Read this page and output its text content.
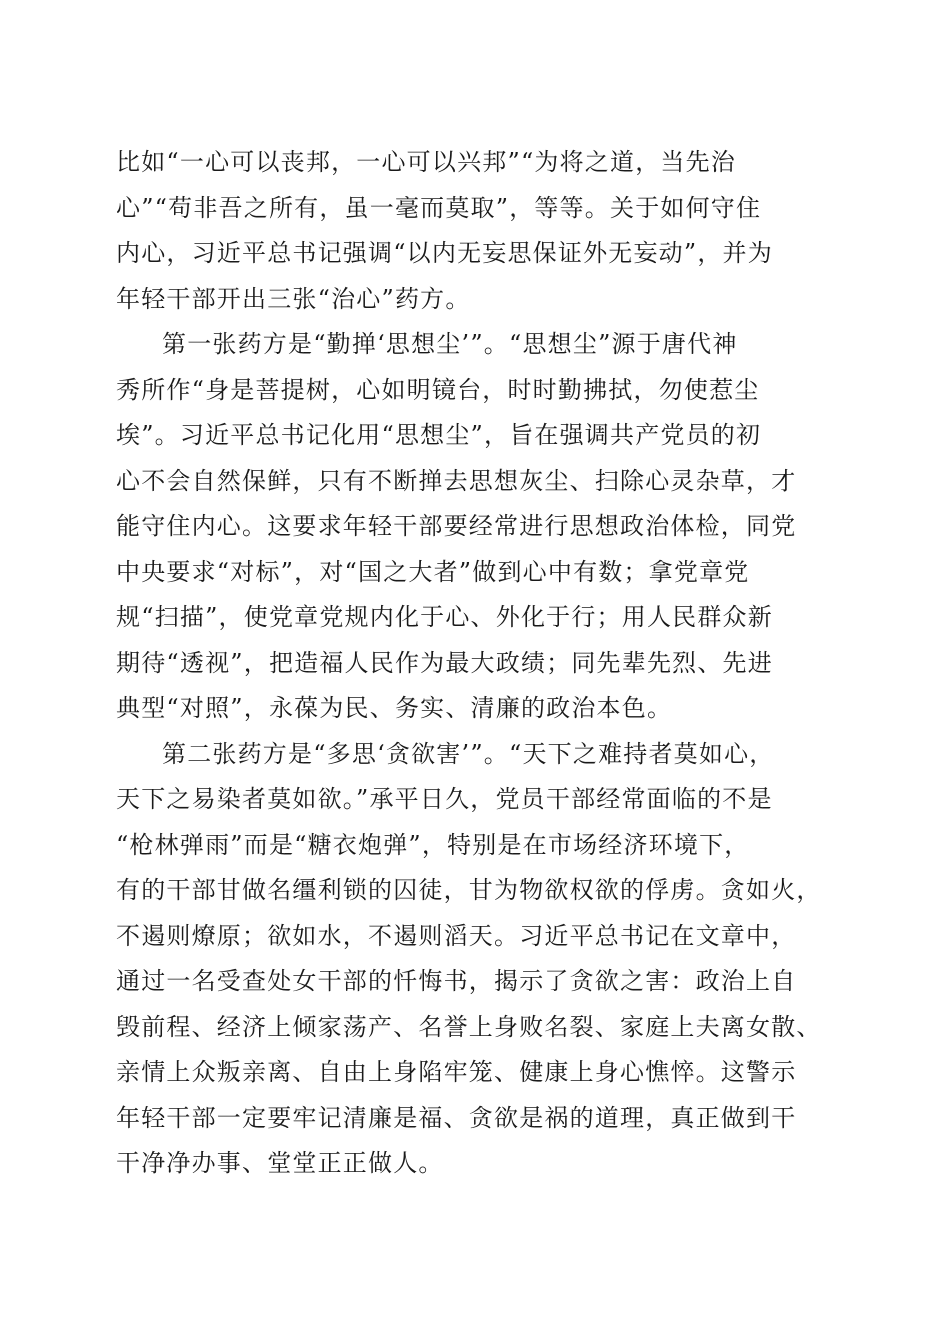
比如“一心可以丧邦，一心可以兴邦”“为将之道，当先治
心”“苟非吾之所有，虽一毫而莫取”，等等。关于如何守住
内心，习近平总书记强调“以内无妄思保证外无妄动”，并为
年轻干部开出三张“治心”药方。
第一张药方是“勤掸‘思想尘’”。“思想尘”源于唐代神
秀所作“身是菩提树，心如明镜台，时时勤拂拭，勿使惹尘
埃”。习近平总书记化用“思想尘”，旨在强调共产党员的初
心不会自然保鲜，只有不断掸去思想灰尘、扫除心灵杂草，才
能守住内心。这要求年轻干部要经常进行思想政治体检，同党
中央要求“对标”，对“国之大者”做到心中有数；拿党章党
规“扫描”，使党章党规内化于心、外化于行；用人民群众新
期待“透视”，把造福人民作为最大政绩；同先辈先烈、先进
典型“对照”，永葆为民、务实、清廉的政治本色。
第二张药方是“多思‘贪欲害’”。“天下之难持者莫如心，
天下之易染者莫如欲。”承平日久，党员干部经常面临的不是
“枪林弹雨”而是“糖衣炮弹”，特别是在市场经济环境下，
有的干部甘做名缰利锁的囚徒，甘为物欲权欲的俘虏。贪如火，
不遏则燎原；欲如水，不遏则滔天。习近平总书记在文章中，
通过一名受查处女干部的忏悔书，揭示了贪欲之害：政治上自
毁前程、经济上倾家荡产、名誉上身败名裂、家庭上夫离女散、
亲情上众叛亲离、自由上身陷牢笼、健康上身心憔悴。这警示
年轻干部一定要牢记清廉是福、贪欲是祸的道理，真正做到干
干净净办事、堂堂正正做人。
